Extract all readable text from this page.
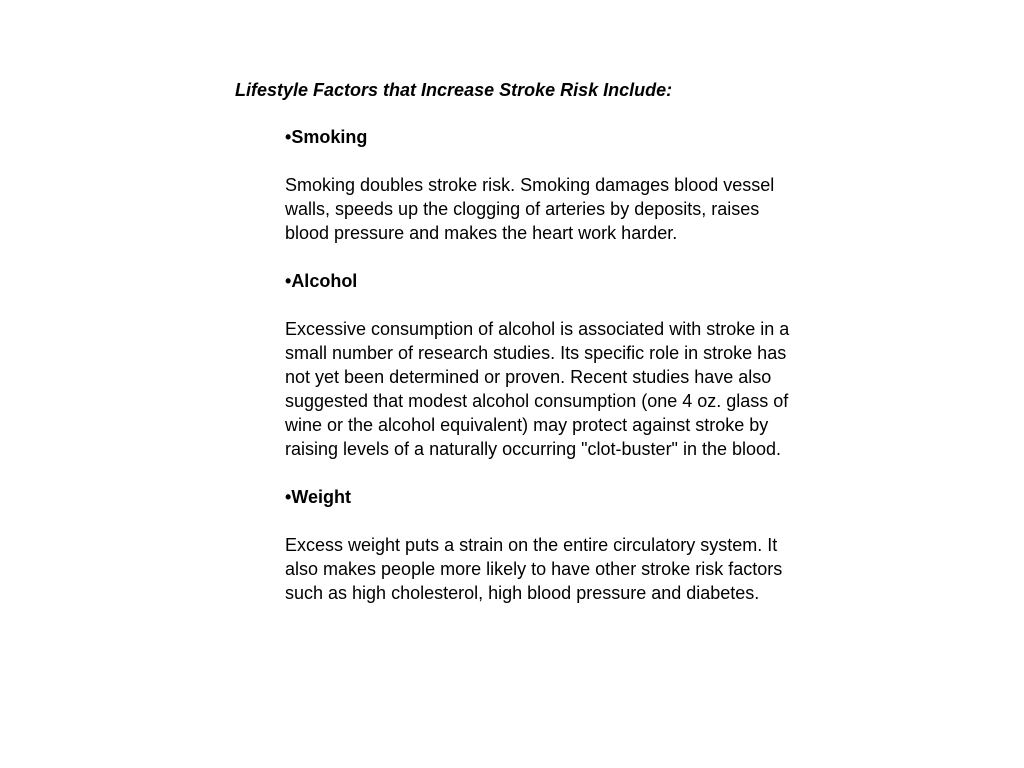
Lifestyle Factors that Increase Stroke Risk Include:
•Smoking
Smoking doubles stroke risk. Smoking damages blood vessel walls, speeds up the clogging of arteries by deposits, raises blood pressure and makes the heart work harder.
•Alcohol
Excessive consumption of alcohol is associated with stroke in a small number of research studies. Its specific role in stroke has not yet been determined or proven. Recent studies have also suggested that modest alcohol consumption (one 4 oz. glass of wine or the alcohol equivalent) may protect against stroke by raising levels of a naturally occurring "clot-buster" in the blood.
•Weight
Excess weight puts a strain on the entire circulatory system. It also makes people more likely to have other stroke risk factors such as high cholesterol, high blood pressure and diabetes.
